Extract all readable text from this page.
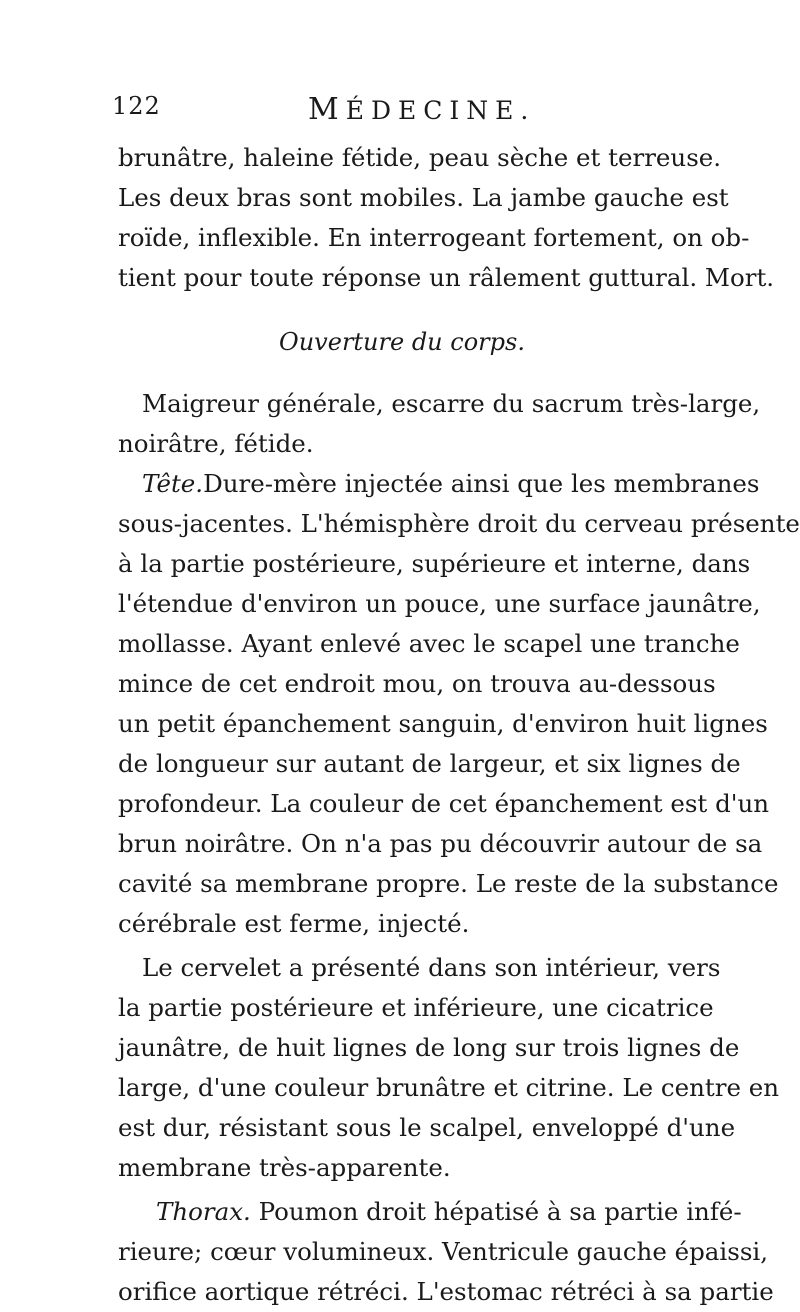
122	MÉDECINE.
brunâtre, haleine fétide, peau sèche et terreuse.
Les deux bras sont mobiles. La jambe gauche est
roïde, inflexible. En interrogeant fortement, on ob-
tient pour toute réponse un râlement guttural. Mort.
Ouverture du corps.
Maigreur générale, escarre du sacrum très-large,
noirâtre, fétide.
Tête.Dure-mère injectée ainsi que les membranes
sous-jacentes. L'hémisphère droit du cerveau présente
à la partie postérieure, supérieure et interne, dans
l'étendue d'environ un pouce, une surface jaunâtre,
mollasse. Ayant enlevé avec le scapel une tranche
mince de cet endroit mou, on trouva au-dessous
un petit épanchement sanguin, d'environ huit lignes
de longueur sur autant de largeur, et six lignes de
profondeur. La couleur de cet épanchement est d'un
brun noirâtre. On n'a pas pu découvrir autour de sa
cavité sa membrane propre. Le reste de la substance
cérébrale est ferme, injecté.
Le cervelet a présenté dans son intérieur, vers
la partie postérieure et inférieure, une cicatrice
jaunâtre, de huit lignes de long sur trois lignes de
large, d'une couleur brunâtre et citrine. Le centre en
est dur, résistant sous le scalpel, enveloppé d'une
membrane très-apparente.
Thorax. Poumon droit hépatisé à sa partie infé-
rieure; cœur volumineux. Ventricule gauche épaissi,
orifice aortique rétréci. L'estomac rétréci à sa partie
